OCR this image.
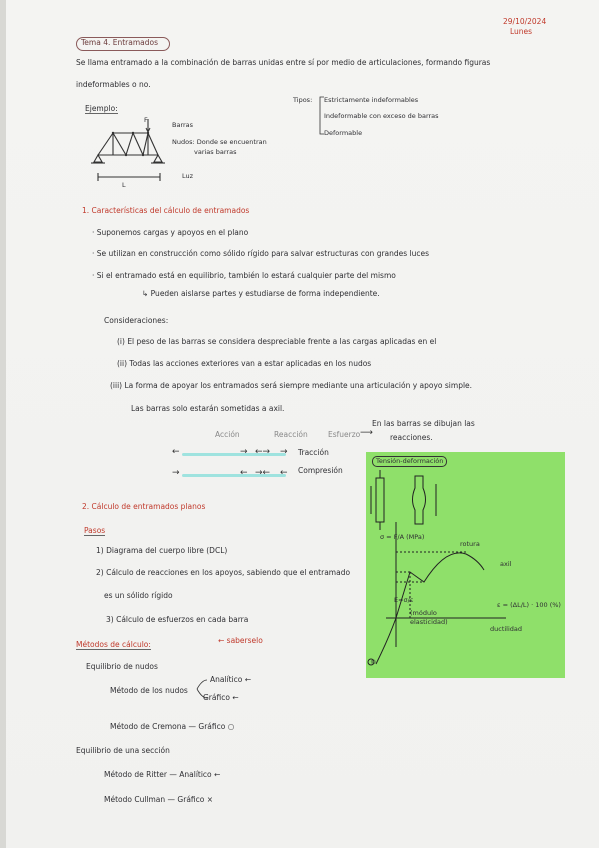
29/10/2024
Lunes
Tema 4. Entramados
Se llama entramado a la combinación de barras unidas entre sí por medio de articulaciones, formando figuras
indeformables o no.
Ejemplo:
F
Barras
Nudos: Donde se encuentran
varias barras
Luz
L
Tipos: Estrictamente indeformables
Indeformable con exceso de barras
Deformable
1. Características del cálculo de entramados
· Suponemos cargas y apoyos en el plano
· Se utilizan en construcción como sólido rígido para salvar estructuras con grandes luces
· Si el entramado está en equilibrio, también lo estará cualquier parte del mismo
↳ Pueden aislarse partes y estudiarse de forma independiente.
Consideraciones:
(i) El peso de las barras se considera despreciable frente a las cargas aplicadas en el
(ii) Todas las acciones exteriores van a estar aplicadas en los nudos
(iii) La forma de apoyar los entramados será siempre mediante una articulación y apoyo simple.
Las barras solo estarán sometidas a axil.
Acción	Reacción	Esfuerzo ⟶
En las barras se dibujan las
reacciones.
←	→ ←→ → Tracción
→	← →← ← Compresión
Tensión-deformación
σ = F/A (MPa)
rotura
axil
E=σ/ε
(módulo
elasticidad)
ductilidad
ε = (ΔL/L) · 100 (%)
©
2. Cálculo de entramados planos
Pasos
1) Diagrama del cuerpo libre (DCL)
2) Cálculo de reacciones en los apoyos, sabiendo que el entramado
es un sólido rígido
3) Cálculo de esfuerzos en cada barra
Métodos de cálculo:	← saberselo
Equilibrio de nudos
Método de los nudos
Analítico ←
Gráfico ←
Método de Cremona — Gráfico ○
Equilibrio de una sección
Método de Ritter — Analítico ←
Método Cullman — Gráfico ×
